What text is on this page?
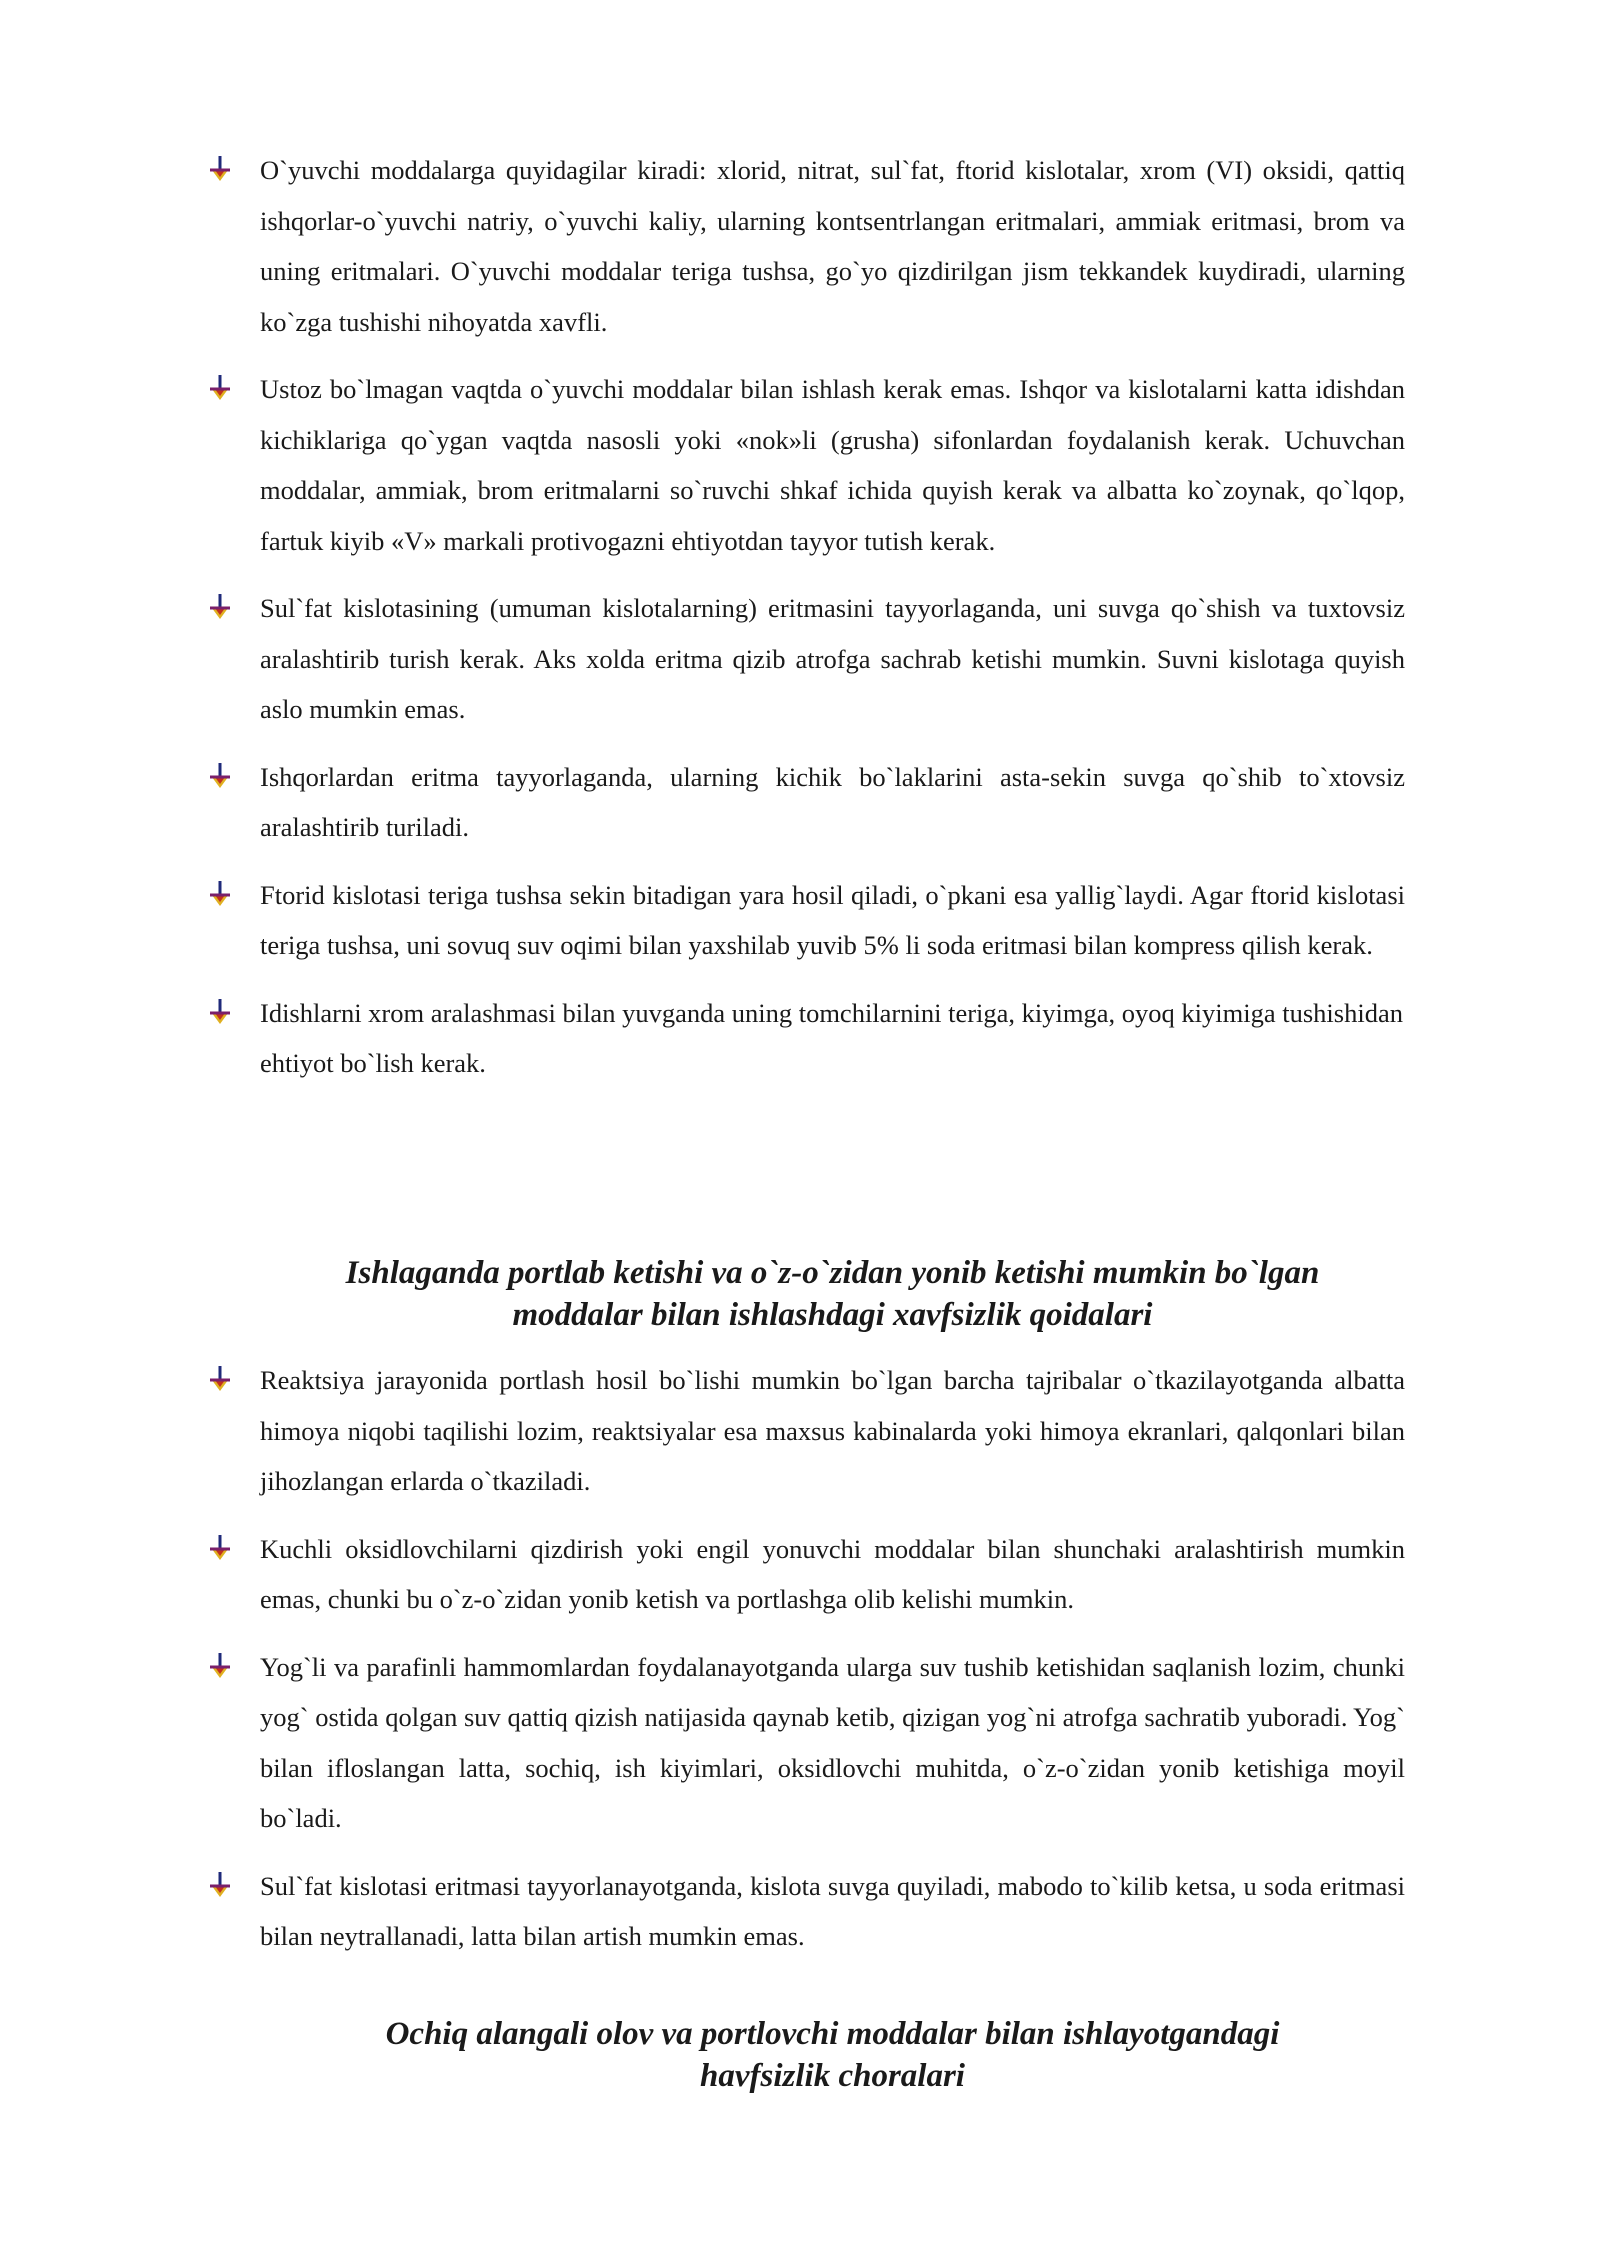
O`yuvchi moddalarga quyidagilar kiradi: xlorid, nitrat, sul`fat, ftorid kislotalar, xrom (VI) oksidi, qattiq ishqorlar-o`yuvchi natriy, o`yuvchi kaliy, ularning kontsentrlangan eritmalari, ammiak eritmasi, brom va uning eritmalari. O`yuvchi moddalar teriga tushsa, go`yo qizdirilgan jism tekkandek kuydiradi, ularning ko`zga tushishi nihoyatda xavfli.
Ustoz bo`lmagan vaqtda o`yuvchi moddalar bilan ishlash kerak emas. Ishqor va kislotalarni katta idishdan kichiklariga qo`ygan vaqtda nasosli yoki «nok»li (grusha) sifonlardan foydalanish kerak. Uchuvchan moddalar, ammiak, brom eritmalarni so`ruvchi shkaf ichida quyish kerak va albatta ko`zoynak, qo`lqop, fartuk kiyib «V» markali protivogazni ehtiyotdan tayyor tutish kerak.
Sul`fat kislotasining (umuman kislotalarning) eritmasini tayyorlaganda, uni suvga qo`shish va tuxtovsiz aralashtirib turish kerak. Aks xolda eritma qizib atrofga sachrab ketishi mumkin. Suvni kislotaga quyish aslo mumkin emas.
Ishqorlardan eritma tayyorlaganda, ularning kichik bo`laklarini asta-sekin suvga qo`shib to`xtovsiz aralashtirib turiladi.
Ftorid kislotasi teriga tushsa sekin bitadigan yara hosil qiladi, o`pkani esa yallig`laydi. Agar ftorid kislotasi teriga tushsa, uni sovuq suv oqimi bilan yaxshilab yuvib 5% li soda eritmasi bilan kompress qilish kerak.
Idishlarni xrom aralashmasi bilan yuvganda uning tomchilarnini teriga, kiyimga, oyoq kiyimiga tushishidan ehtiyot bo`lish kerak.
Ishlaganda portlab ketishi va o`z-o`zidan yonib ketishi mumkin bo`lgan
moddalar bilan ishlashdagi xavfsizlik qoidalari
Reaktsiya jarayonida portlash hosil bo`lishi mumkin bo`lgan barcha tajribalar o`tkazilayotganda albatta himoya niqobi taqilishi lozim, reaktsiyalar esa maxsus kabinalarda yoki himoya ekranlari, qalqonlari bilan jihozlangan erlarda o`tkaziladi.
Kuchli oksidlovchilarni qizdirish yoki engil yonuvchi moddalar bilan shunchaki aralashtirish mumkin emas, chunki bu o`z-o`zidan yonib ketish va portlashga olib kelishi mumkin.
Yog`li va parafinli hammomlardan foydalanayotganda ularga suv tushib ketishidan saqlanish lozim, chunki yog` ostida qolgan suv qattiq qizish natijasida qaynab ketib, qizigan yog`ni atrofga sachratib yuboradi. Yog` bilan ifloslangan latta, sochiq, ish kiyimlari, oksidlovchi muhitda, o`z-o`zidan yonib ketishiga moyil bo`ladi.
Sul`fat kislotasi eritmasi tayyorlanayotganda, kislota suvga quyiladi, mabodo to`kilib ketsa, u soda eritmasi bilan neytrallanadi, latta bilan artish mumkin emas.
Ochiq alangali olov va portlovchi moddalar bilan ishlayotgandagi
havfsizlik choralari
